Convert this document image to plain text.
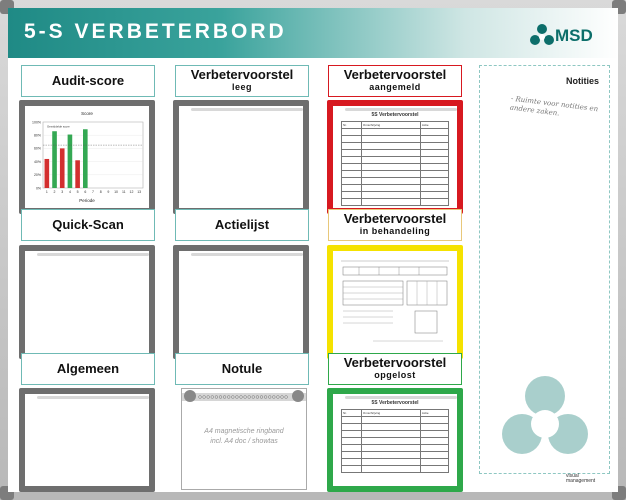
5-S VERBETERBORD	MSD
Audit-score	Verbetervoorstel
leeg
Verbetervoorstel
aangemeld
Score
0%
20%
40%
60%
80%
100%
1 2 3 4 5 6 7 8 9 10 11 12 13
Gemiddelde score
Periode
5S Verbetervoorstel
Nr.	Omschrijving	Actie

Quick-Scan	Actielijst	Verbetervoorstel
in behandeling
Algemeen	Notule	Verbetervoorstel
opgelost
A4 magnetische ringband
incl. A4 doc / showtas
5S Verbetervoorstel
Nr.	Omschrijving	Actie

Notities
- Ruimte voor notities en andere zaken.
visual
management
